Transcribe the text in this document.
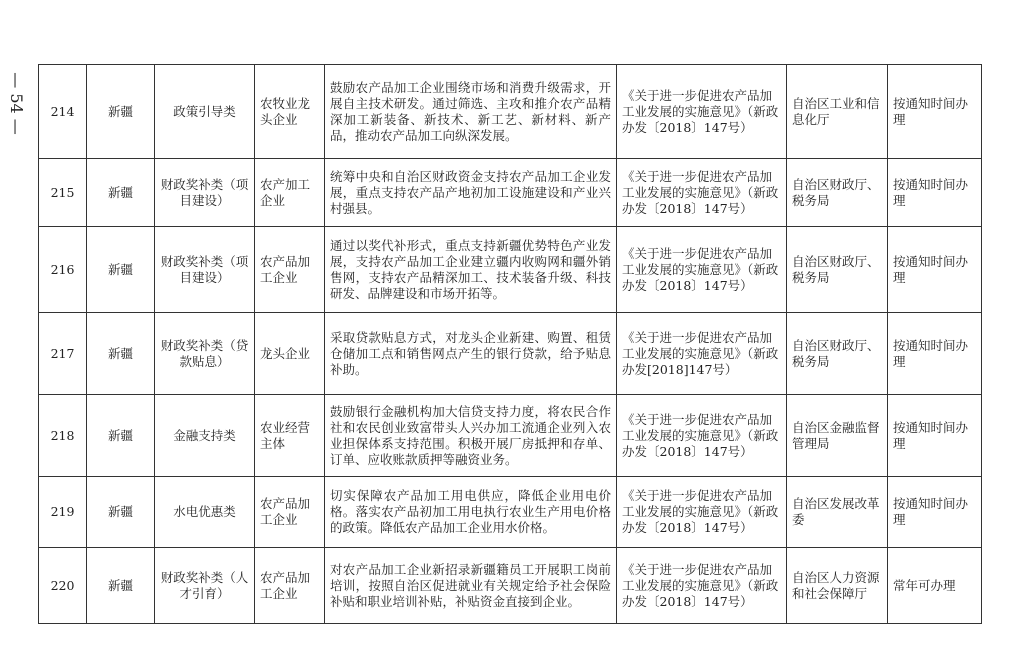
— 54 — 214	新疆	政策引导类	农牧业龙头企业	鼓励农产品加工企业围绕市场和消费升级需求，开展自主技术研发。通过筛选、主攻和推介农产品精深加工新装备、新技术、新工艺、新材料、新产品，推动农产品加工向纵深发展。	《关于进一步促进农产品加工业发展的实施意见》（新政办发〔2018〕147号）	自治区工业和信息化厅	按通知时间办理
215	新疆	财政奖补类（项目建设）	农产加工企业	统筹中央和自治区财政资金支持农产品加工企业发展，重点支持农产品产地初加工设施建设和产业兴村强县。	《关于进一步促进农产品加工业发展的实施意见》（新政办发〔2018〕147号）	自治区财政厅、税务局	按通知时间办理
216	新疆	财政奖补类（项目建设）	农产品加工企业	通过以奖代补形式，重点支持新疆优势特色产业发展，支持农产品加工企业建立疆内收购网和疆外销售网，支持农产品精深加工、技术装备升级、科技研发、品牌建设和市场开拓等。	《关于进一步促进农产品加工业发展的实施意见》（新政办发〔2018〕147号）	自治区财政厅、税务局	按通知时间办理
217	新疆	财政奖补类（贷款贴息）	龙头企业	采取贷款贴息方式，对龙头企业新建、购置、租赁仓储加工点和销售网点产生的银行贷款，给予贴息补助。	《关于进一步促进农产品加工业发展的实施意见》（新政办发[2018]147号）	自治区财政厅、税务局	按通知时间办理
218	新疆	金融支持类	农业经营主体	鼓励银行金融机构加大信贷支持力度，将农民合作社和农民创业致富带头人兴办加工流通企业列入农业担保体系支持范围。积极开展厂房抵押和存单、订单、应收账款质押等融资业务。	《关于进一步促进农产品加工业发展的实施意见》（新政办发〔2018〕147号）	自治区金融监督管理局	按通知时间办理
219	新疆	水电优惠类	农产品加工企业	切实保障农产品加工用电供应，降低企业用电价格。落实农产品初加工用电执行农业生产用电价格的政策。降低农产品加工企业用水价格。	《关于进一步促进农产品加工业发展的实施意见》（新政办发〔2018〕147号）	自治区发展改革委	按通知时间办理
220	新疆	财政奖补类（人才引育）	农产品加工企业	对农产品加工企业新招录新疆籍员工开展职工岗前培训，按照自治区促进就业有关规定给予社会保险补贴和职业培训补贴，补贴资金直接到企业。	《关于进一步促进农产品加工业发展的实施意见》（新政办发〔2018〕147号）	自治区人力资源和社会保障厅	常年可办理
